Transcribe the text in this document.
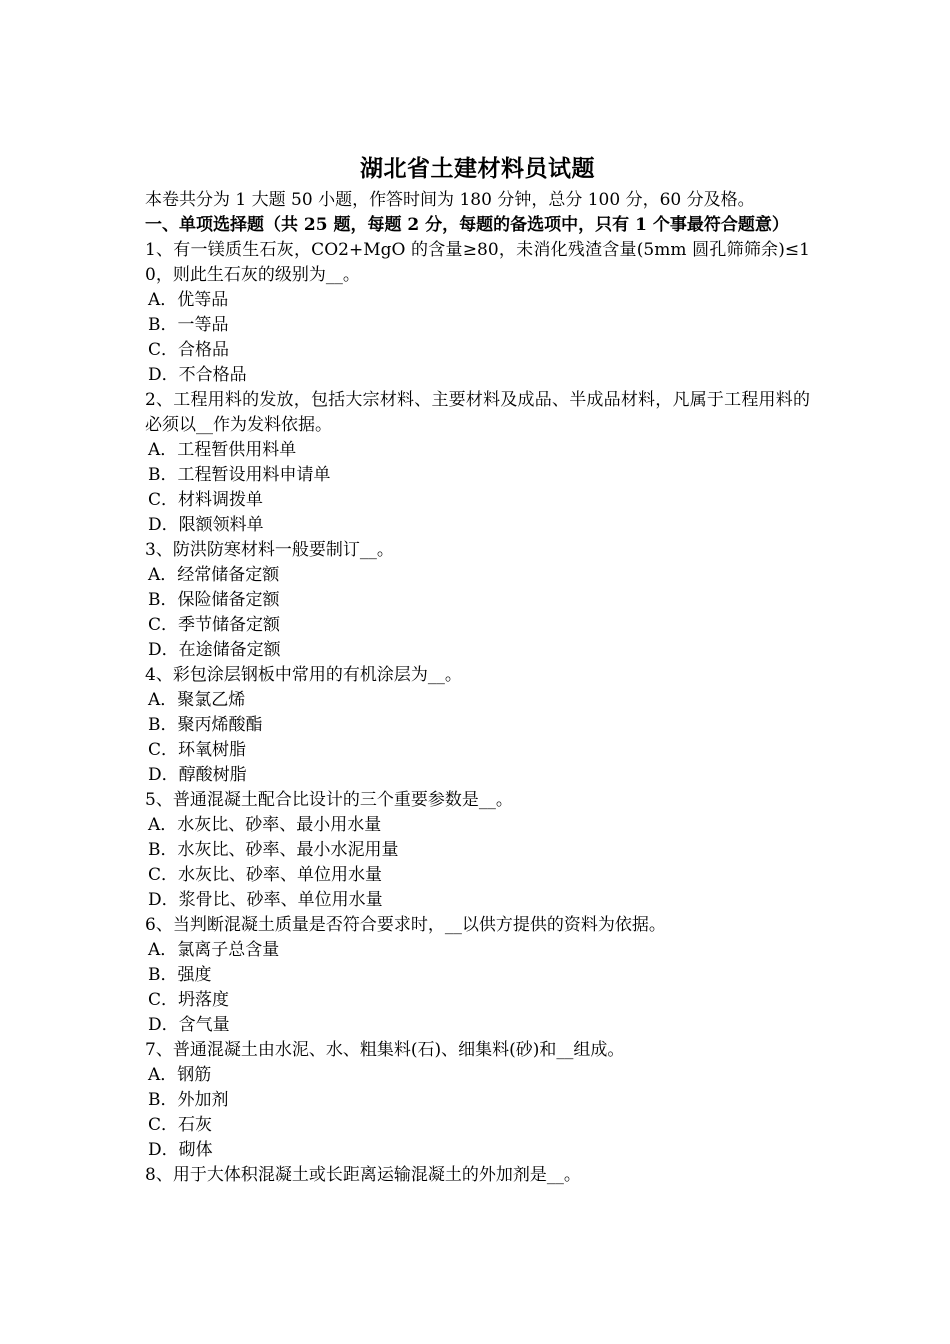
湖北省土建材料员试题
本卷共分为 1 大题 50 小题，作答时间为 180 分钟，总分 100 分，60 分及格。
一、单项选择题（共 25 题，每题 2 分，每题的备选项中，只有 1 个事最符合题意）
1、有一镁质生石灰，CO2+MgO 的含量≥80，未消化残渣含量(5mm 圆孔筛筛余)≤10，则此生石灰的级别为__。
A．优等品
B．一等品
C．合格品
D．不合格品
2、工程用料的发放，包括大宗材料、主要材料及成品、半成品材料，凡属于工程用料的必须以__作为发料依据。
A．工程暂供用料单
B．工程暂设用料申请单
C．材料调拨单
D．限额领料单
3、防洪防寒材料一般要制订__。
A．经常储备定额
B．保险储备定额
C．季节储备定额
D．在途储备定额
4、彩包涂层钢板中常用的有机涂层为__。
A．聚氯乙烯
B．聚丙烯酸酯
C．环氧树脂
D．醇酸树脂
5、普通混凝土配合比设计的三个重要参数是__。
A．水灰比、砂率、最小用水量
B．水灰比、砂率、最小水泥用量
C．水灰比、砂率、单位用水量
D．浆骨比、砂率、单位用水量
6、当判断混凝土质量是否符合要求时，__以供方提供的资料为依据。
A．氯离子总含量
B．强度
C．坍落度
D．含气量
7、普通混凝土由水泥、水、粗集料(石)、细集料(砂)和__组成。
A．钢筋
B．外加剂
C．石灰
D．砌体
8、用于大体积混凝土或长距离运输混凝土的外加剂是__。
